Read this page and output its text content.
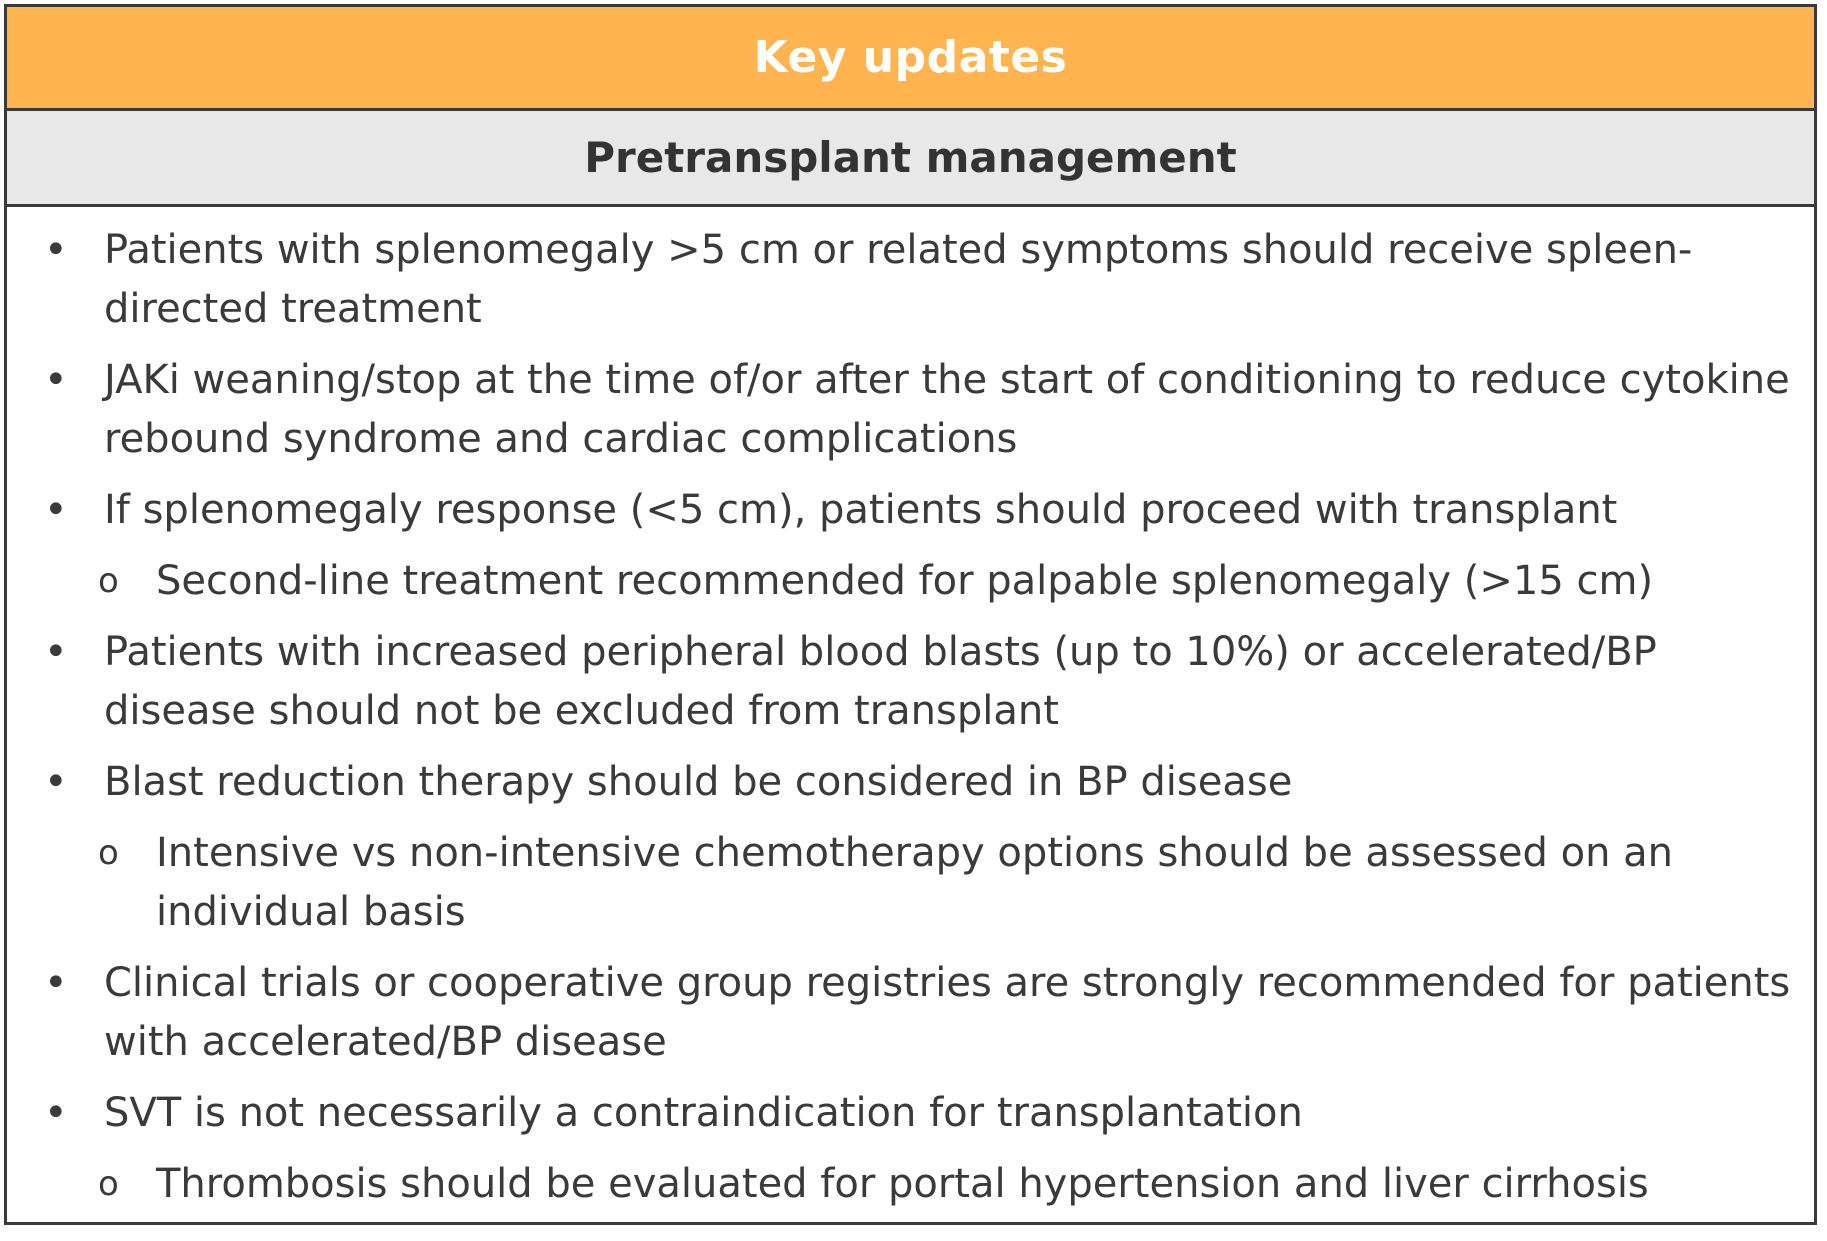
Key updates
Pretransplant management
• Patients with splenomegaly >5 cm or related symptoms should receive spleen-directed treatment
• JAKi weaning/stop at the time of/or after the start of conditioning to reduce cytokine rebound syndrome and cardiac complications
• If splenomegaly response (<5 cm), patients should proceed with transplant
o Second-line treatment recommended for palpable splenomegaly (>15 cm)
• Patients with increased peripheral blood blasts (up to 10%) or accelerated/BP disease should not be excluded from transplant
• Blast reduction therapy should be considered in BP disease
o Intensive vs non-intensive chemotherapy options should be assessed on an individual basis
• Clinical trials or cooperative group registries are strongly recommended for patients with accelerated/BP disease
• SVT is not necessarily a contraindication for transplantation
o Thrombosis should be evaluated for portal hypertension and liver cirrhosis
